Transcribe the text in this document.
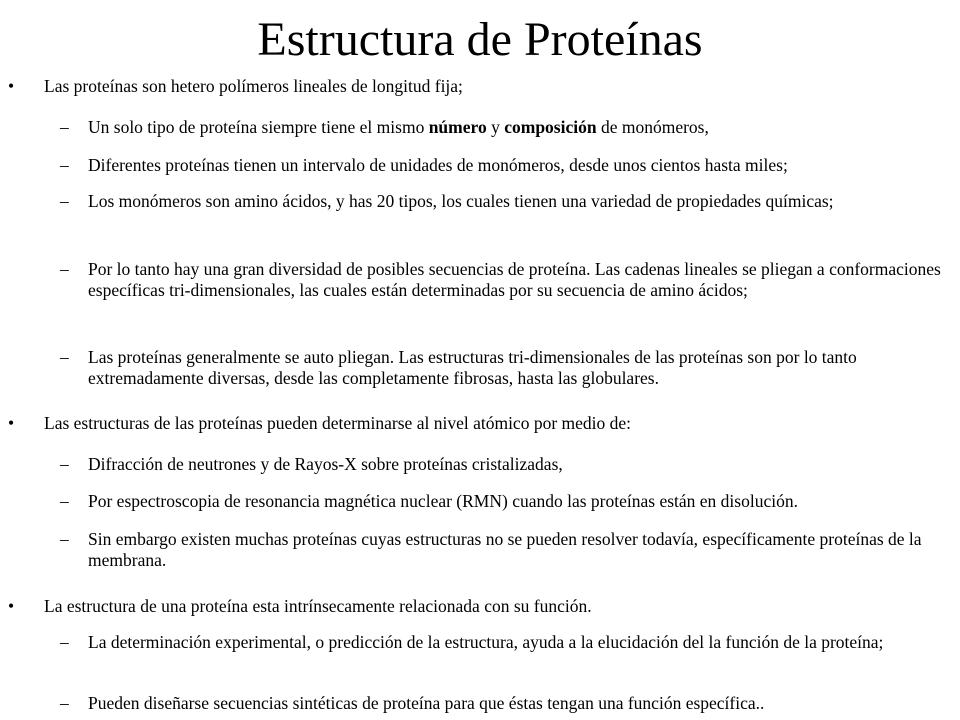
Estructura de Proteínas
• Las proteínas son hetero polímeros lineales de longitud fija;
– Un solo tipo de proteína siempre tiene el mismo número y composición de monómeros,
– Diferentes proteínas tienen un intervalo de unidades de monómeros, desde unos cientos hasta miles;
– Los monómeros son amino ácidos, y has 20 tipos, los cuales tienen una variedad de propiedades químicas;
– Por lo tanto hay una gran diversidad de posibles secuencias de proteína. Las cadenas lineales se pliegan a conformaciones específicas tri-dimensionales, las cuales están determinadas por su secuencia de amino ácidos;
– Las proteínas generalmente se auto pliegan. Las estructuras tri-dimensionales de las proteínas son por lo tanto extremadamente diversas, desde las completamente fibrosas, hasta las globulares.
• Las estructuras de las proteínas pueden determinarse al nivel atómico por medio de:
– Difracción de neutrones y de Rayos-X sobre proteínas cristalizadas,
– Por espectroscopia de resonancia magnética nuclear (RMN) cuando las proteínas están en disolución.
– Sin embargo existen muchas proteínas cuyas estructuras no se pueden resolver todavía, específicamente proteínas de la membrana.
• La estructura de una proteína esta intrínsecamente relacionada con su función.
– La determinación experimental, o predicción de la estructura, ayuda a la elucidación del la función de la proteína;
– Pueden diseñarse secuencias sintéticas de proteína para que éstas tengan una función específica..
